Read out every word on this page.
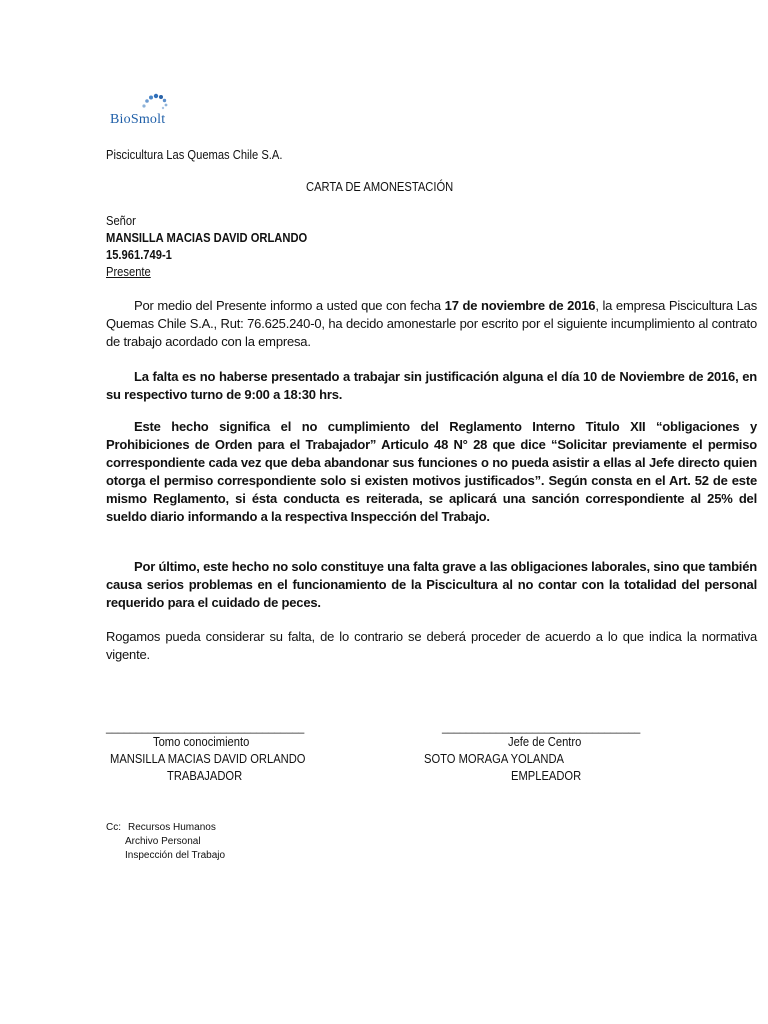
BioSmolt
Piscicultura Las Quemas Chile S.A.
CARTA DE AMONESTACIÓN
Señor
MANSILLA MACIAS DAVID ORLANDO
15.961.749-1
Presente
Por medio del Presente informo a usted que con fecha 17 de noviembre de 2016, la empresa Piscicultura Las Quemas Chile S.A., Rut: 76.625.240-0, ha decido amonestarle por escrito por el siguiente incumplimiento al contrato de trabajo acordado con la empresa.
La falta es no haberse presentado a trabajar sin justificación alguna el día 10 de Noviembre de 2016, en su respectivo turno de 9:00 a 18:30 hrs.
Este hecho significa el no cumplimiento del Reglamento Interno Titulo XII “obligaciones y Prohibiciones de Orden para el Trabajador” Articulo 48 N° 28 que dice “Solicitar previamente el permiso correspondiente cada vez que deba abandonar sus funciones o no pueda asistir a ellas al Jefe directo quien otorga el permiso correspondiente solo si existen motivos justificados”. Según consta en el Art. 52 de este mismo Reglamento, si ésta conducta es reiterada, se aplicará una sanción correspondiente al 25% del sueldo diario informando a la respectiva Inspección del Trabajo.
Por último, este hecho no solo constituye una falta grave a las obligaciones laborales, sino que también causa serios problemas en el funcionamiento de la Piscicultura al no contar con la totalidad del personal requerido para el cuidado de peces.
Rogamos pueda considerar su falta, de lo contrario se deberá proceder de acuerdo a lo que indica la normativa vigente.
_________________________________
Tomo conocimiento
MANSILLA MACIAS DAVID ORLANDO
TRABAJADOR
_________________________________
Jefe de Centro
SOTO MORAGA YOLANDA
EMPLEADOR
Cc: Recursos Humanos
Archivo Personal
Inspección del Trabajo
